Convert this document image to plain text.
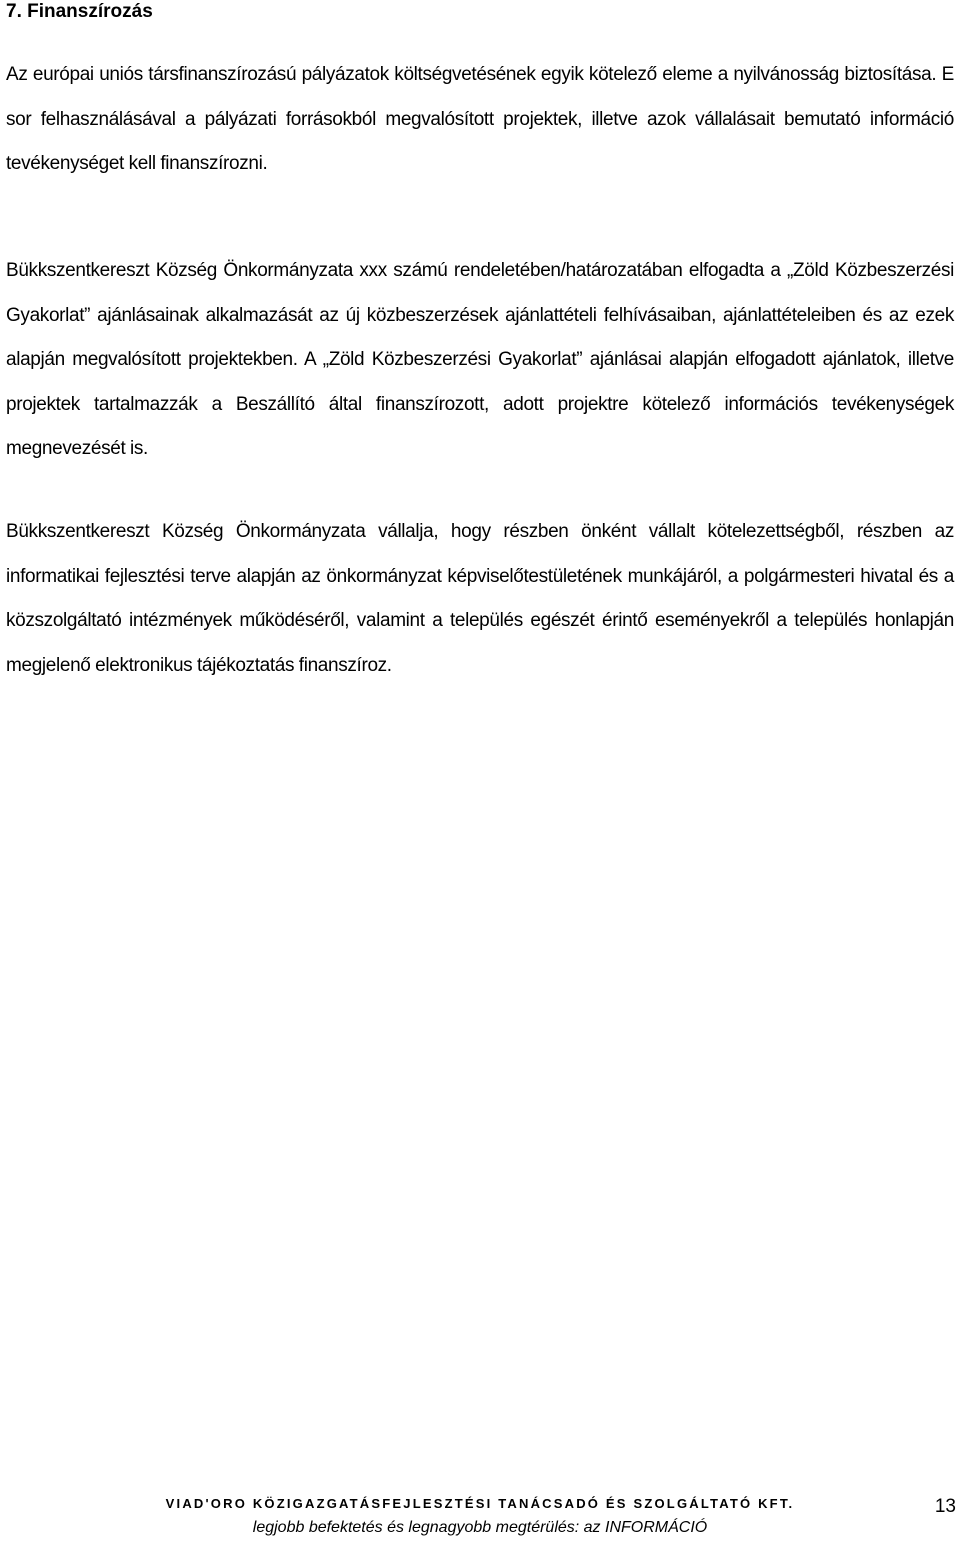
7. Finanszírozás

Az európai uniós társfinanszírozású pályázatok költségvetésének egyik kötelező eleme a nyilvánosság biztosítása. E sor felhasználásával a pályázati forrásokból megvalósított projektek, illetve azok vállalásait bemutató információ tevékenységet kell finanszírozni.

Bükkszentkereszt Község Önkormányzata xxx számú rendeletében/határozatában elfogadta a „Zöld Közbeszerzési Gyakorlat” ajánlásainak alkalmazását az új közbeszerzések ajánlattételi felhívásaiban, ajánlattételeiben és az ezek alapján megvalósított projektekben. A „Zöld Közbeszerzési Gyakorlat” ajánlásai alapján elfogadott ajánlatok, illetve projektek tartalmazzák a Beszállító által finanszírozott, adott projektre kötelező információs tevékenységek megnevezését is.

Bükkszentkereszt Község Önkormányzata vállalja, hogy részben önként vállalt kötelezettségből, részben az informatikai fejlesztési terve alapján az önkormányzat képviselőtestületének munkájáról, a polgármesteri hivatal és a közszolgáltató intézmények működéséről, valamint a település egészét érintő eseményekről a település honlapján megjelenő elektronikus tájékoztatás finanszíroz.

VIAD'ORO KÖZIGAZGATÁSFEJLESZTÉSI TANÁCSADÓ ÉS SZOLGÁLTATÓ KFT.
legjobb befektetés és legnagyobb megtérülés: az INFORMÁCIÓ
13
